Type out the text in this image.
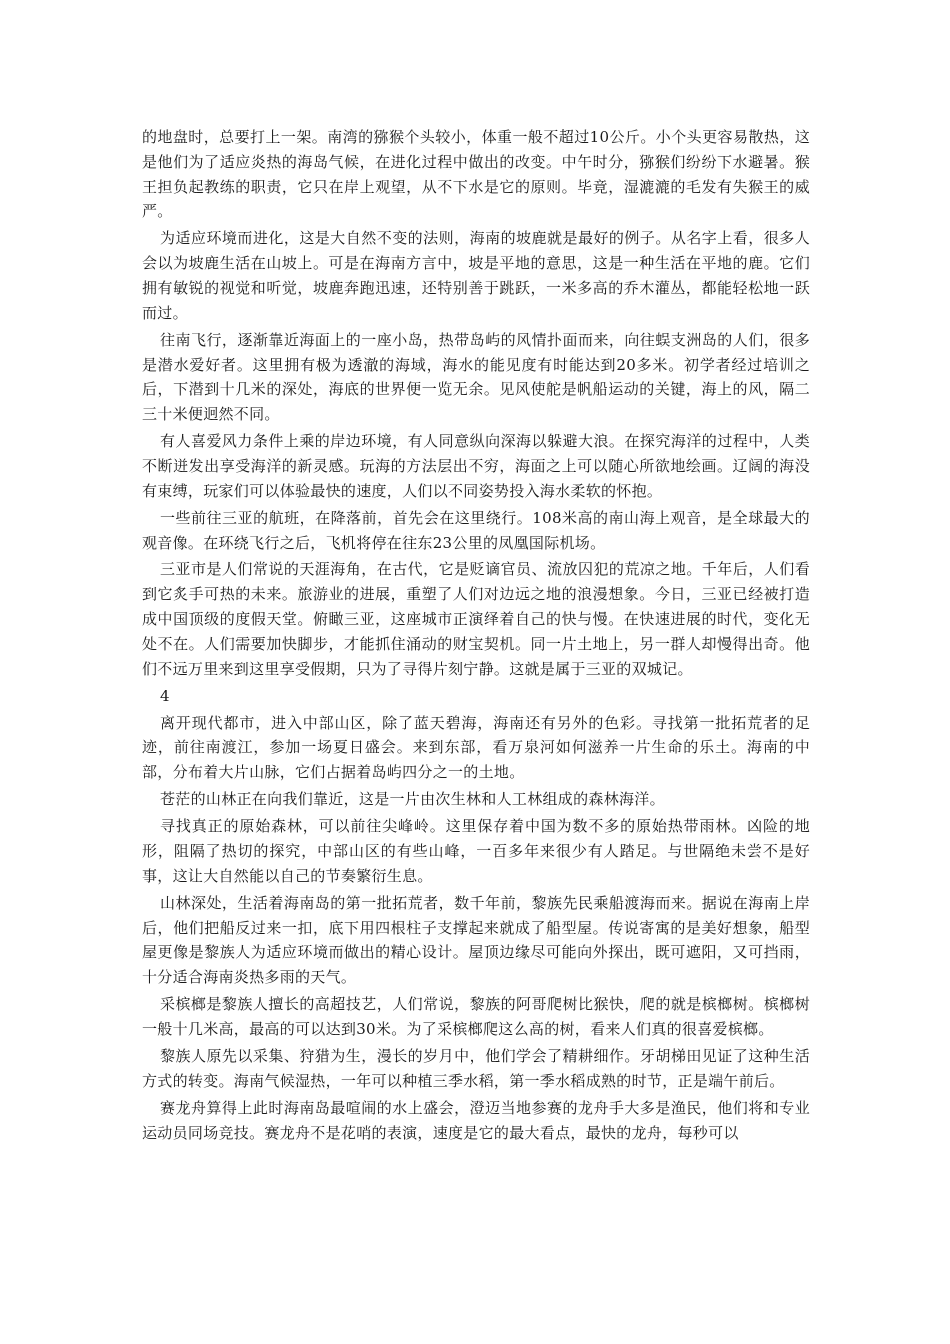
的地盘时，总要打上一架。南湾的猕猴个头较小，体重一般不超过10公斤。小个头更容易散热，这是他们为了适应炎热的海岛气候，在进化过程中做出的改变。中午时分，猕猴们纷纷下水避暑。猴王担负起教练的职责，它只在岸上观望，从不下水是它的原则。毕竟，湿漉漉的毛发有失猴王的威严。

为适应环境而进化，这是大自然不变的法则，海南的坡鹿就是最好的例子。从名字上看，很多人会以为坡鹿生活在山坡上。可是在海南方言中，坡是平地的意思，这是一种生活在平地的鹿。它们拥有敏锐的视觉和听觉，坡鹿奔跑迅速，还特别善于跳跃，一米多高的乔木灌丛，都能轻松地一跃而过。

往南飞行，逐渐靠近海面上的一座小岛，热带岛屿的风情扑面而来，向往蜈支洲岛的人们，很多是潜水爱好者。这里拥有极为透澈的海域，海水的能见度有时能达到20多米。初学者经过培训之后，下潜到十几米的深处，海底的世界便一览无余。见风使舵是帆船运动的关键，海上的风，隔二三十米便迥然不同。

有人喜爱风力条件上乘的岸边环境，有人同意纵向深海以躲避大浪。在探究海洋的过程中，人类不断迸发出享受海洋的新灵感。玩海的方法层出不穷，海面之上可以随心所欲地绘画。辽阔的海没有束缚，玩家们可以体验最快的速度，人们以不同姿势投入海水柔软的怀抱。

一些前往三亚的航班，在降落前，首先会在这里绕行。108米高的南山海上观音，是全球最大的观音像。在环绕飞行之后，飞机将停在往东23公里的凤凰国际机场。

三亚市是人们常说的天涯海角，在古代，它是贬谪官员、流放囚犯的荒凉之地。千年后，人们看到它炙手可热的未来。旅游业的进展，重塑了人们对边远之地的浪漫想象。今日，三亚已经被打造成中国顶级的度假天堂。俯瞰三亚，这座城市正演绎着自己的快与慢。在快速进展的时代，变化无处不在。人们需要加快脚步，才能抓住涌动的财宝契机。同一片土地上，另一群人却慢得出奇。他们不远万里来到这里享受假期，只为了寻得片刻宁静。这就是属于三亚的双城记。

4

离开现代都市，进入中部山区，除了蓝天碧海，海南还有另外的色彩。寻找第一批拓荒者的足迹，前往南渡江，参加一场夏日盛会。来到东部，看万泉河如何滋养一片生命的乐土。海南的中部，分布着大片山脉，它们占据着岛屿四分之一的土地。

苍茫的山林正在向我们靠近，这是一片由次生林和人工林组成的森林海洋。

寻找真正的原始森林，可以前往尖峰岭。这里保存着中国为数不多的原始热带雨林。凶险的地形，阻隔了热切的探究，中部山区的有些山峰，一百多年来很少有人踏足。与世隔绝未尝不是好事，这让大自然能以自己的节奏繁衍生息。

山林深处，生活着海南岛的第一批拓荒者，数千年前，黎族先民乘船渡海而来。据说在海南上岸后，他们把船反过来一扣，底下用四根柱子支撑起来就成了船型屋。传说寄寓的是美好想象，船型屋更像是黎族人为适应环境而做出的精心设计。屋顶边缘尽可能向外探出，既可遮阳，又可挡雨，十分适合海南炎热多雨的天气。

采槟榔是黎族人擅长的高超技艺，人们常说，黎族的阿哥爬树比猴快，爬的就是槟榔树。槟榔树一般十几米高，最高的可以达到30米。为了采槟榔爬这么高的树，看来人们真的很喜爱槟榔。

黎族人原先以采集、狩猎为生，漫长的岁月中，他们学会了精耕细作。牙胡梯田见证了这种生活方式的转变。海南气候湿热，一年可以种植三季水稻，第一季水稻成熟的时节，正是端午前后。

赛龙舟算得上此时海南岛最喧闹的水上盛会，澄迈当地参赛的龙舟手大多是渔民，他们将和专业运动员同场竞技。赛龙舟不是花哨的表演，速度是它的最大看点，最快的龙舟，每秒可以
